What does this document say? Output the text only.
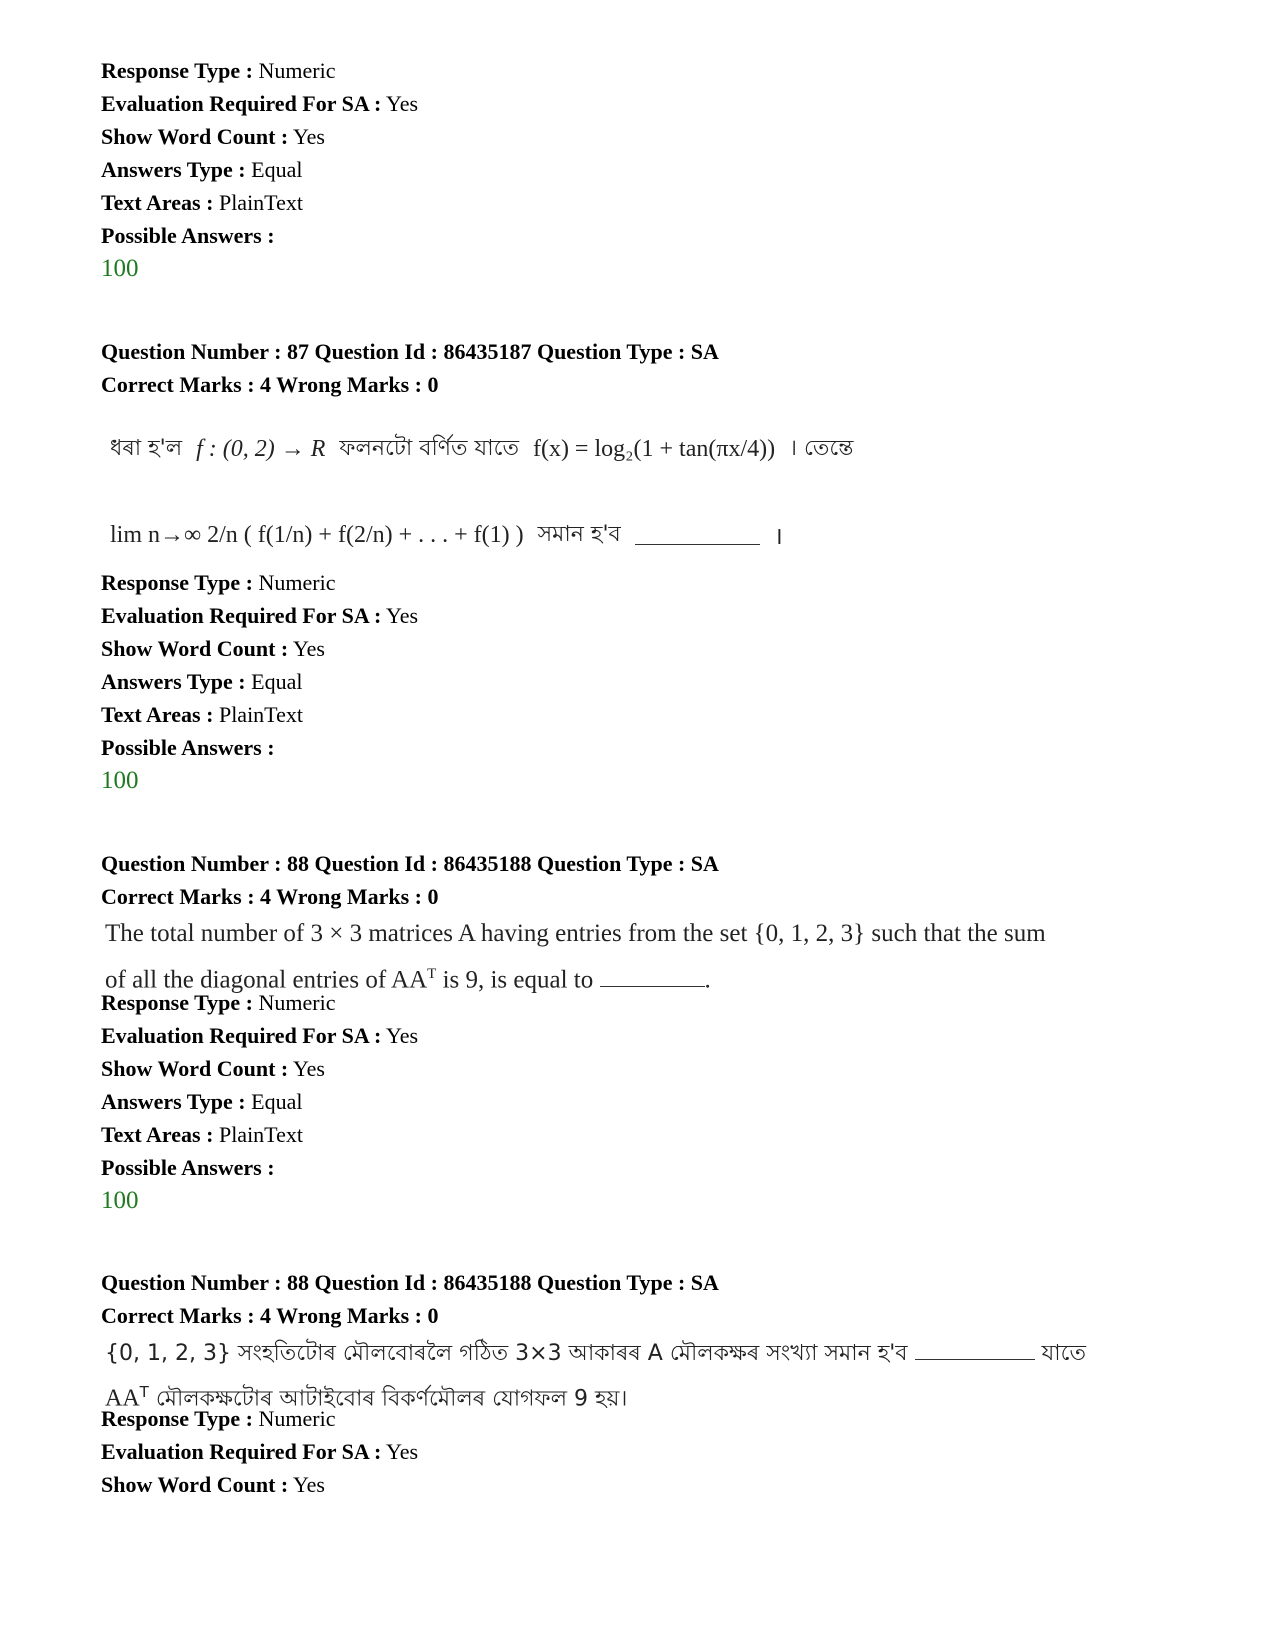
Response Type : Numeric
Evaluation Required For SA : Yes
Show Word Count : Yes
Answers Type : Equal
Text Areas : PlainText
Possible Answers :
100
Question Number : 87 Question Id : 86435187 Question Type : SA
Correct Marks : 4 Wrong Marks : 0
ধৰা হ'ল f : (0, 2) → R ফলনটো বৰ্ণিত যাতে f(x) = log₂(1 + tan(πx/4)) । তেন্তে
lim n→∞ 2/n ( f(1/n) + f(2/n) + . . . + f(1) ) সমান হ'ব	।
Response Type : Numeric
Evaluation Required For SA : Yes
Show Word Count : Yes
Answers Type : Equal
Text Areas : PlainText
Possible Answers :
100
Question Number : 88 Question Id : 86435188 Question Type : SA
Correct Marks : 4 Wrong Marks : 0
The total number of 3 × 3 matrices A having entries from the set {0, 1, 2, 3} such that the sum
of all the diagonal entries of $AA^T$ is 9, is equal to	.
Response Type : Numeric
Evaluation Required For SA : Yes
Show Word Count : Yes
Answers Type : Equal
Text Areas : PlainText
Possible Answers :
100
Question Number : 88 Question Id : 86435188 Question Type : SA
Correct Marks : 4 Wrong Marks : 0
{0, 1, 2, 3} সংহতিটোৰ মৌলবোৰলৈ গঠিত 3×3 আকাৰৰ A মৌলকক্ষৰ সংখ্যা সমান হ'ব	যাতে
$AA^T$ মৌলকক্ষটোৰ আটাইবোৰ বিকৰ্ণমৌলৰ যোগফল 9 হয়।
Response Type : Numeric
Evaluation Required For SA : Yes
Show Word Count : Yes
